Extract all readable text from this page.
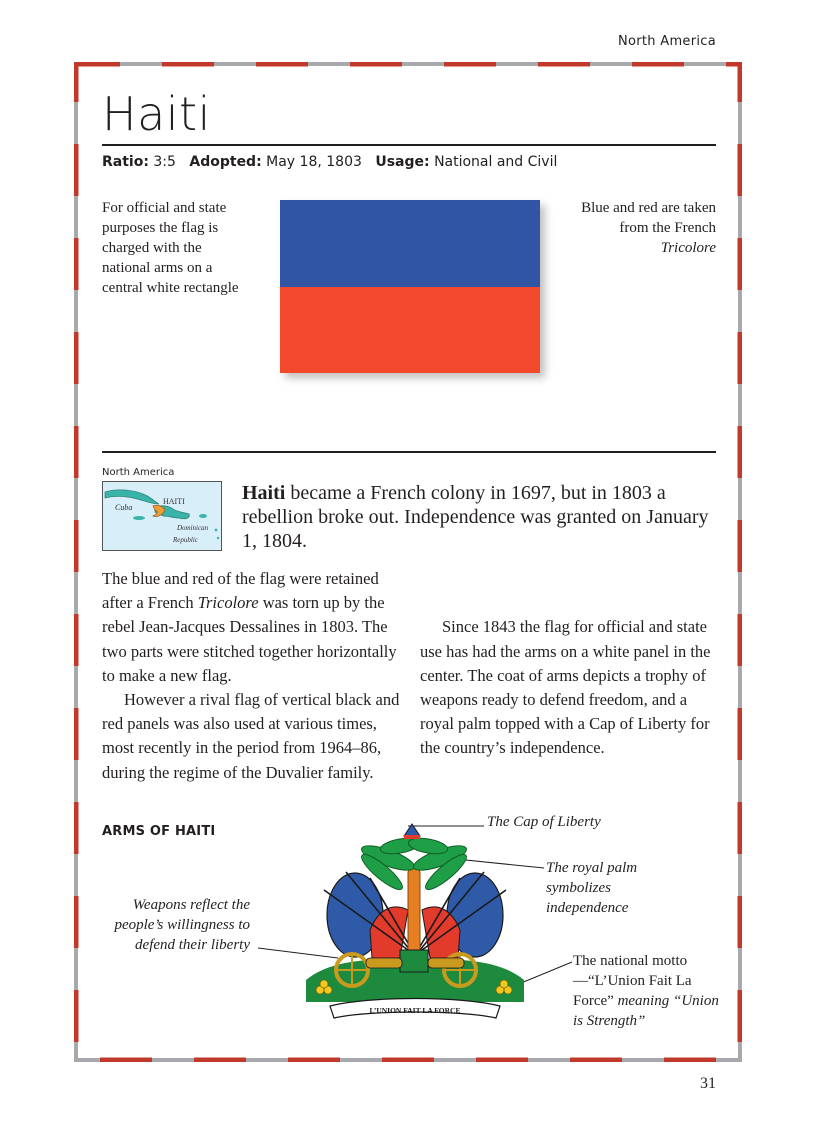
North America
Haiti
Ratio: 3:5 Adopted: May 18, 1803 Usage: National and Civil
For official and state purposes the flag is charged with the national arms on a central white rectangle
Blue and red are taken from the French Tricolore
North America
Cuba
HAITI
Dominican
Republic
Haiti became a French colony in 1697, but in 1803 a rebellion broke out. Independence was granted on January 1, 1804.

The blue and red of the flag were retained after a French Tricolore was torn up by the rebel Jean-Jacques Dessalines in 1803. The two parts were stitched together horizontally to make a new flag.

However a rival flag of vertical black and red panels was also used at various times, most recently in the period from 1964–86, during the regime of the Duvalier family.

Since 1843 the flag for official and state use has had the arms on a white panel in the center. The coat of arms depicts a trophy of weapons ready to defend freedom, and a royal palm topped with a Cap of Liberty for the country’s independence.

ARMS OF HAITI
The Cap of Liberty
The royal palm symbolizes independence
Weapons reflect the people’s willingness to defend their liberty
The national motto—“L’Union Fait La Force” meaning “Union is Strength”
L’UNION FAIT LA FORCE
31
